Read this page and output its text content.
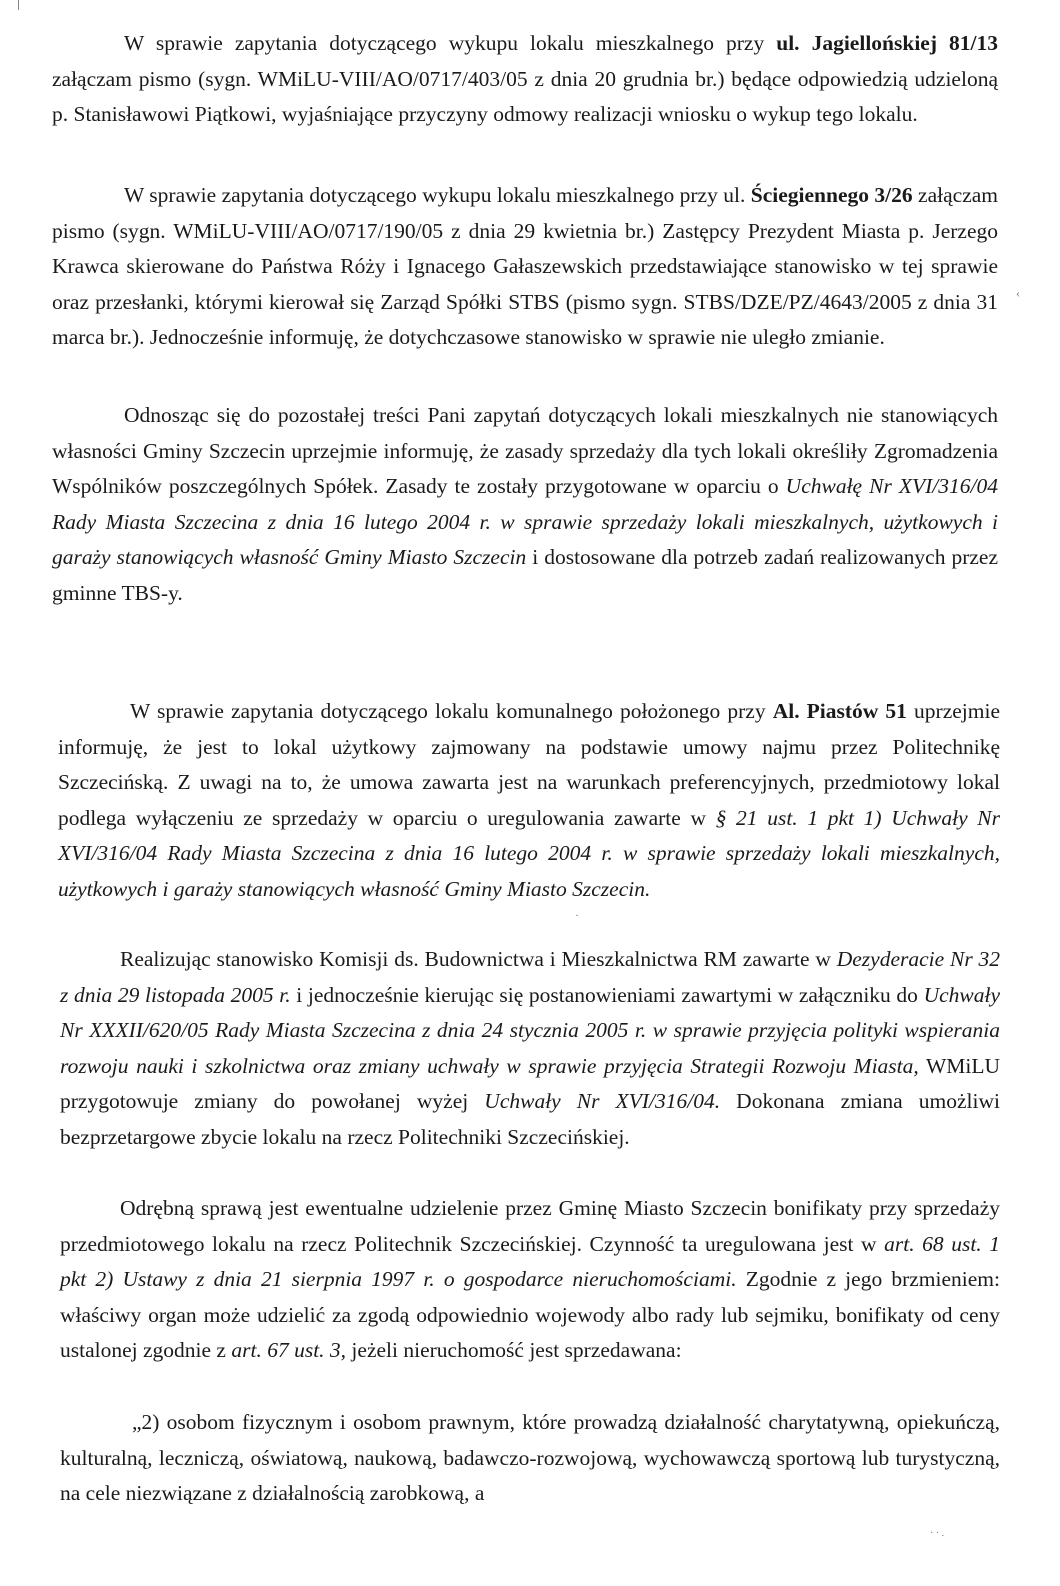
W sprawie zapytania dotyczącego wykupu lokalu mieszkalnego przy ul. Jagiellońskiej 81/13 załączam pismo (sygn. WMiLU-VIII/AO/0717/403/05 z dnia 20 grudnia br.) będące odpowiedzią udzieloną p. Stanisławowi Piątkowi, wyjaśniające przyczyny odmowy realizacji wniosku o wykup tego lokalu.
W sprawie zapytania dotyczącego wykupu lokalu mieszkalnego przy ul. Ściegiennego 3/26 załączam pismo (sygn. WMiLU-VIII/AO/0717/190/05 z dnia 29 kwietnia br.) Zastępcy Prezydent Miasta p. Jerzego Krawca skierowane do Państwa Róży i Ignacego Gałaszewskich przedstawiające stanowisko w tej sprawie oraz przesłanki, którymi kierował się Zarząd Spółki STBS (pismo sygn. STBS/DZE/PZ/4643/2005 z dnia 31 marca br.). Jednocześnie informuję, że dotychczasowe stanowisko w sprawie nie uległo zmianie.
Odnosząc się do pozostałej treści Pani zapytań dotyczących lokali mieszkalnych nie stanowiących własności Gminy Szczecin uprzejmie informuję, że zasady sprzedaży dla tych lokali określiły Zgromadzenia Wspólników poszczególnych Spółek. Zasady te zostały przygotowane w oparciu o Uchwałę Nr XVI/316/04 Rady Miasta Szczecina z dnia 16 lutego 2004 r. w sprawie sprzedaży lokali mieszkalnych, użytkowych i garaży stanowiących własność Gminy Miasto Szczecin i dostosowane dla potrzeb zadań realizowanych przez gminne TBS-y.
W sprawie zapytania dotyczącego lokalu komunalnego położonego przy Al. Piastów 51 uprzejmie informuję, że jest to lokal użytkowy zajmowany na podstawie umowy najmu przez Politechnikę Szczecińską. Z uwagi na to, że umowa zawarta jest na warunkach preferencyjnych, przedmiotowy lokal podlega wyłączeniu ze sprzedaży w oparciu o uregulowania zawarte w § 21 ust. 1 pkt 1) Uchwały Nr XVI/316/04 Rady Miasta Szczecina z dnia 16 lutego 2004 r. w sprawie sprzedaży lokali mieszkalnych, użytkowych i garaży stanowiących własność Gminy Miasto Szczecin.
Realizując stanowisko Komisji ds. Budownictwa i Mieszkalnictwa RM zawarte w Dezyderacie Nr 32 z dnia 29 listopada 2005 r. i jednocześnie kierując się postanowieniami zawartymi w załączniku do Uchwały Nr XXXII/620/05 Rady Miasta Szczecina z dnia 24 stycznia 2005 r. w sprawie przyjęcia polityki wspierania rozwoju nauki i szkolnictwa oraz zmiany uchwały w sprawie przyjęcia Strategii Rozwoju Miasta, WMiLU przygotowuje zmiany do powołanej wyżej Uchwały Nr XVI/316/04. Dokonana zmiana umożliwi bezprzetargowe zbycie lokalu na rzecz Politechniki Szczecińskiej.
Odrębną sprawą jest ewentualne udzielenie przez Gminę Miasto Szczecin bonifikaty przy sprzedaży przedmiotowego lokalu na rzecz Politechnik Szczecińskiej. Czynność ta uregulowana jest w art. 68 ust. 1 pkt 2) Ustawy z dnia 21 sierpnia 1997 r. o gospodarce nieruchomościami. Zgodnie z jego brzmieniem: właściwy organ może udzielić za zgodą odpowiednio wojewody albo rady lub sejmiku, bonifikaty od ceny ustalonej zgodnie z art. 67 ust. 3, jeżeli nieruchomość jest sprzedawana:
„2) osobom fizycznym i osobom prawnym, które prowadzą działalność charytatywną, opiekuńczą, kulturalną, leczniczą, oświatową, naukową, badawczo-rozwojową, wychowawczą sportową lub turystyczną, na cele niezwiązane z działalnością zarobkową, a
‹
·
· · .
